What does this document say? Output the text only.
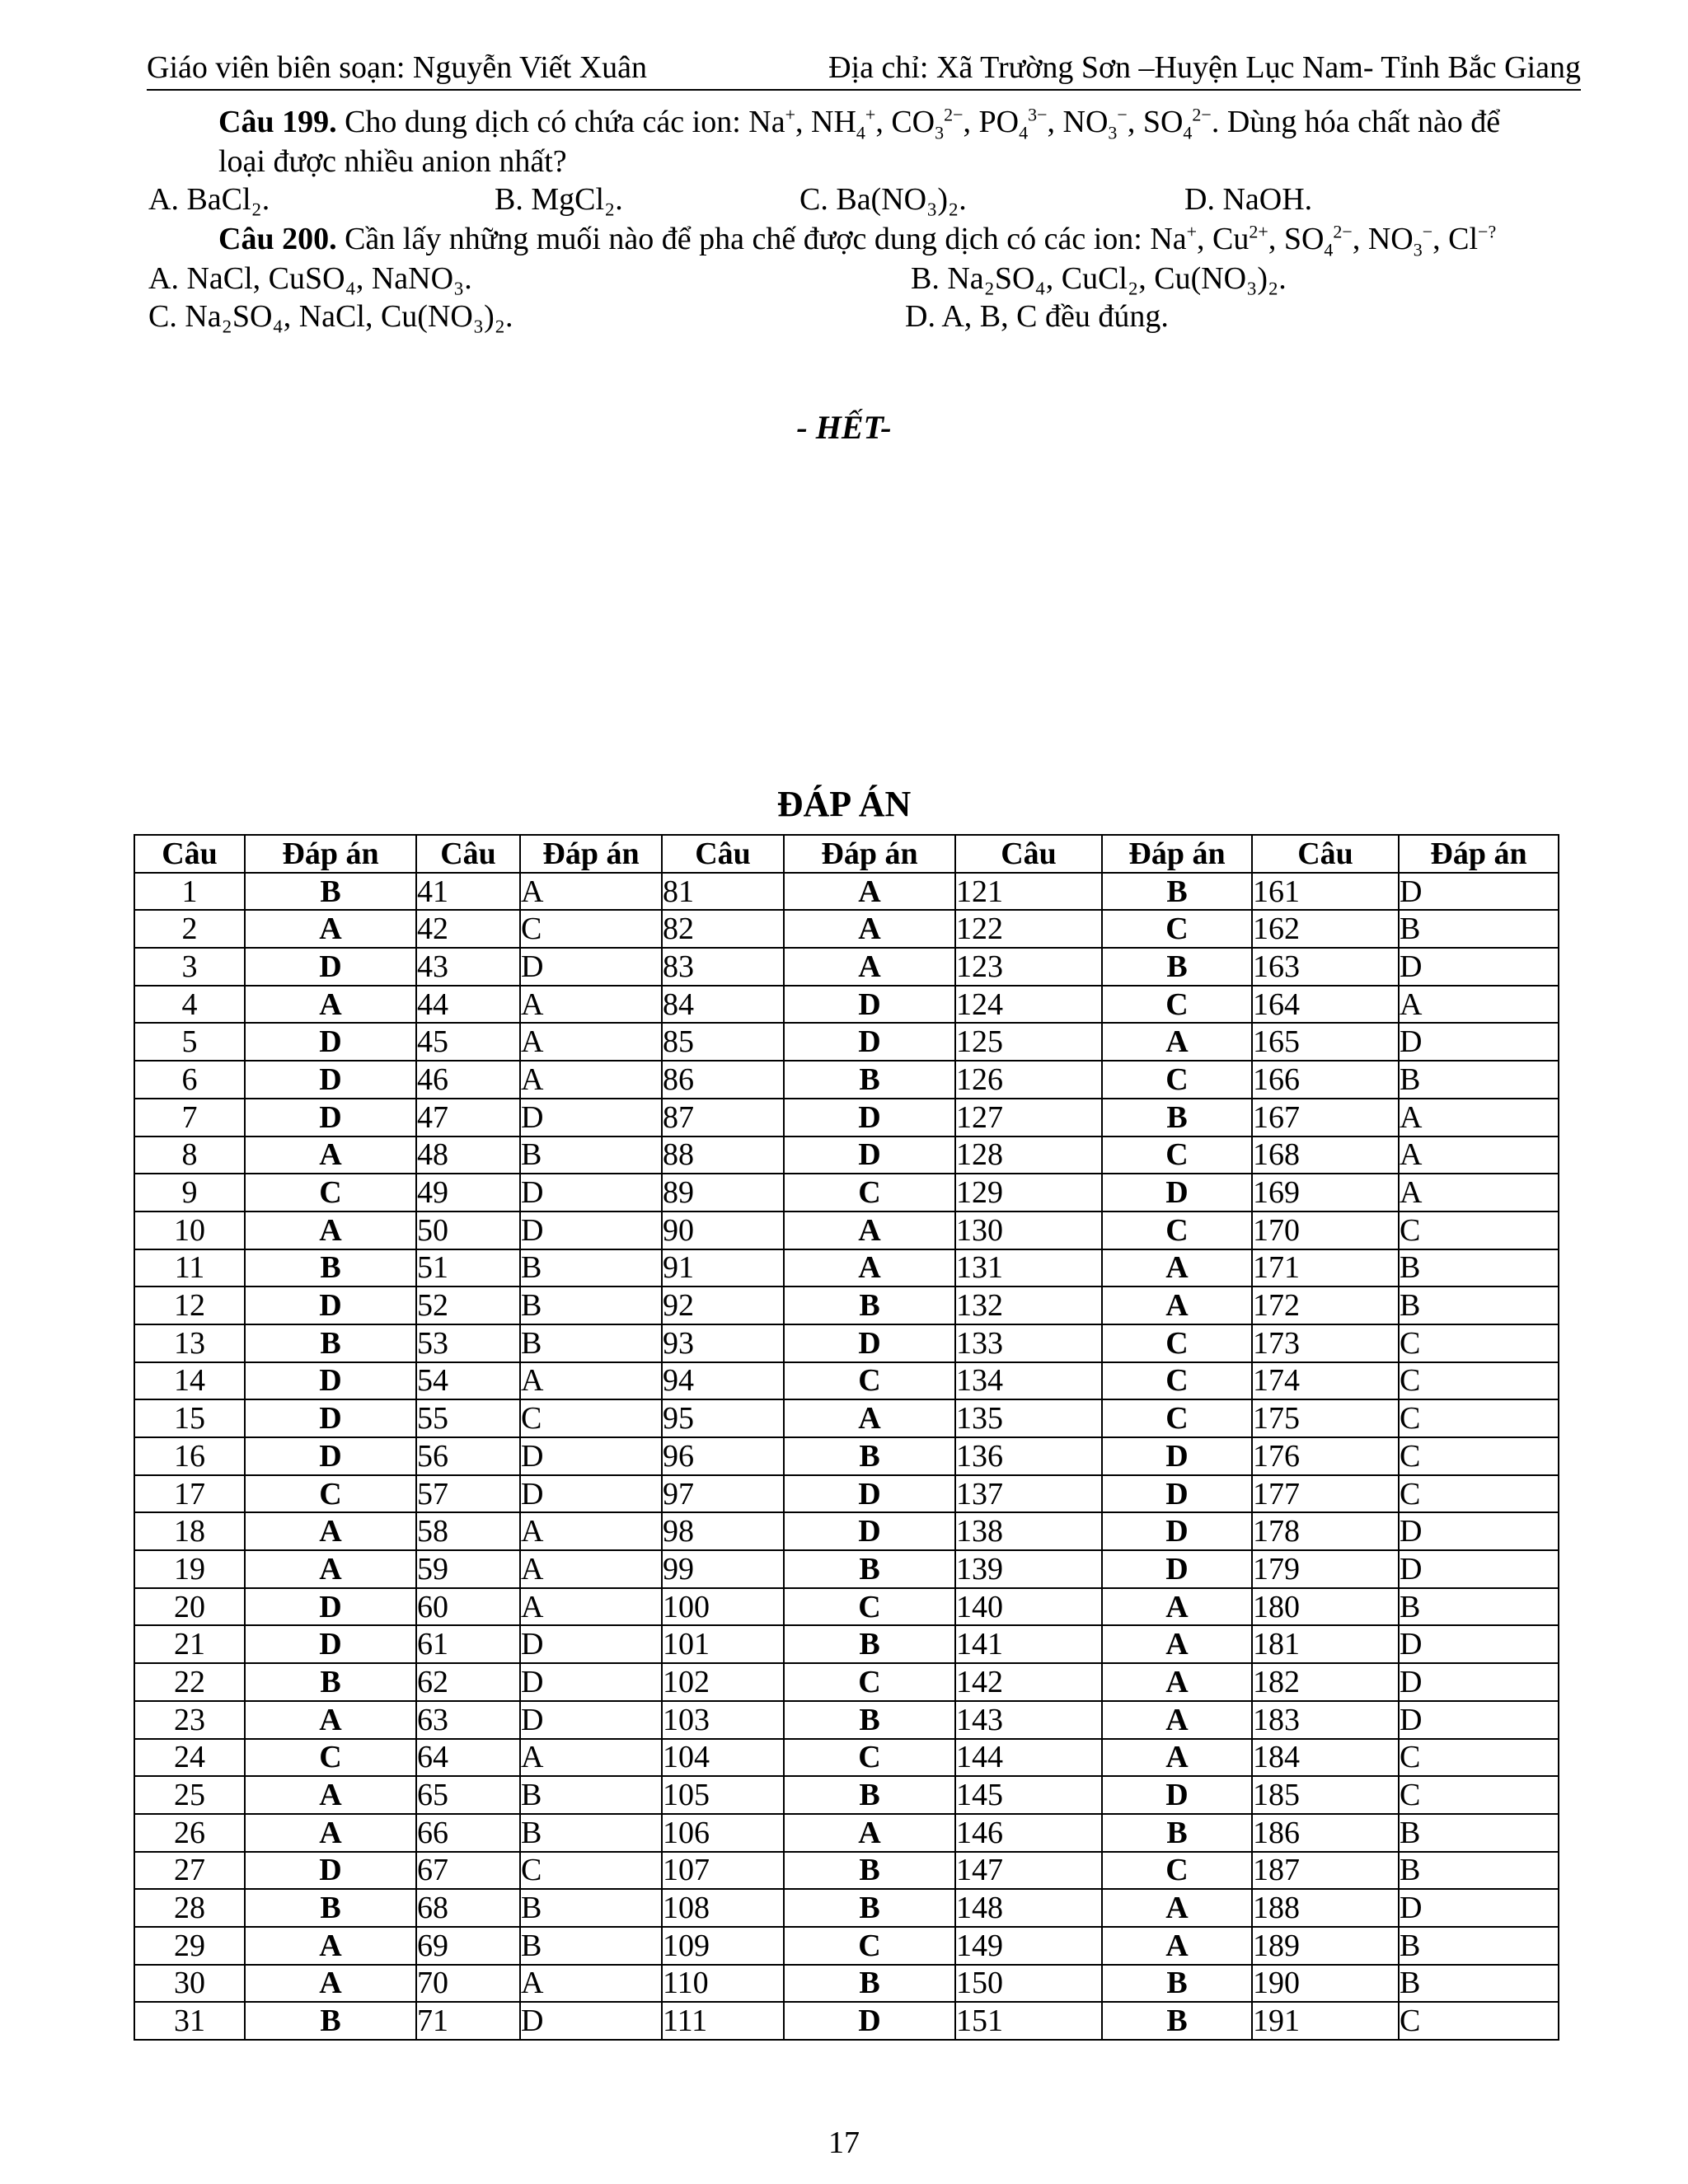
Giáo viên biên soạn: Nguyễn Viết Xuân	Địa chỉ: Xã Trường Sơn –Huyện Lục Nam- Tỉnh Bắc Giang
Câu 199. Cho dung dịch có chứa các ion: Na+, $NH_4^+$, $CO_3^{2-}$, $PO_4^{3-}$, $NO_3^-$, $SO_4^{2-}$. Dùng hóa chất nào để
loại được nhiều anion nhất?
A. BaCl₂.	B. MgCl₂.	C. Ba(NO₃)₂.	D. NaOH.
Câu 200. Cần lấy những muối nào để pha chế được dung dịch có các ion: Na+, $Cu^{2+}$, $SO_4^{2-}$, $NO_3^-$, Cl−?
A. NaCl, CuSO₄, NaNO₃.	B. Na₂SO₄, CuCl₂, Cu(NO₃)₂.
C. Na₂SO₄, NaCl, Cu(NO₃)₂.	D. A, B, C đều đúng.
- HẾT-
ĐÁP ÁN
Câu	Đáp án	Câu	Đáp án	Câu	Đáp án	Câu	Đáp án	Câu	Đáp án
1	B	41	A	81	A	121	B	161	D
2	A	42	C	82	A	122	C	162	B
3	D	43	D	83	A	123	B	163	D
4	A	44	A	84	D	124	C	164	A
5	D	45	A	85	D	125	A	165	D
6	D	46	A	86	B	126	C	166	B
7	D	47	D	87	D	127	B	167	A
8	A	48	B	88	D	128	C	168	A
9	C	49	D	89	C	129	D	169	A
10	A	50	D	90	A	130	C	170	C
11	B	51	B	91	A	131	A	171	B
12	D	52	B	92	B	132	A	172	B
13	B	53	B	93	D	133	C	173	C
14	D	54	A	94	C	134	C	174	C
15	D	55	C	95	A	135	C	175	C
16	D	56	D	96	B	136	D	176	C
17	C	57	D	97	D	137	D	177	C
18	A	58	A	98	D	138	D	178	D
19	A	59	A	99	B	139	D	179	D
20	D	60	A	100	C	140	A	180	B
21	D	61	D	101	B	141	A	181	D
22	B	62	D	102	C	142	A	182	D
23	A	63	D	103	B	143	A	183	D
24	C	64	A	104	C	144	A	184	C
25	A	65	B	105	B	145	D	185	C
26	A	66	B	106	A	146	B	186	B
27	D	67	C	107	B	147	C	187	B
28	B	68	B	108	B	148	A	188	D
29	A	69	B	109	C	149	A	189	B
30	A	70	A	110	B	150	B	190	B
31	B	71	D	111	D	151	B	191	C
17
